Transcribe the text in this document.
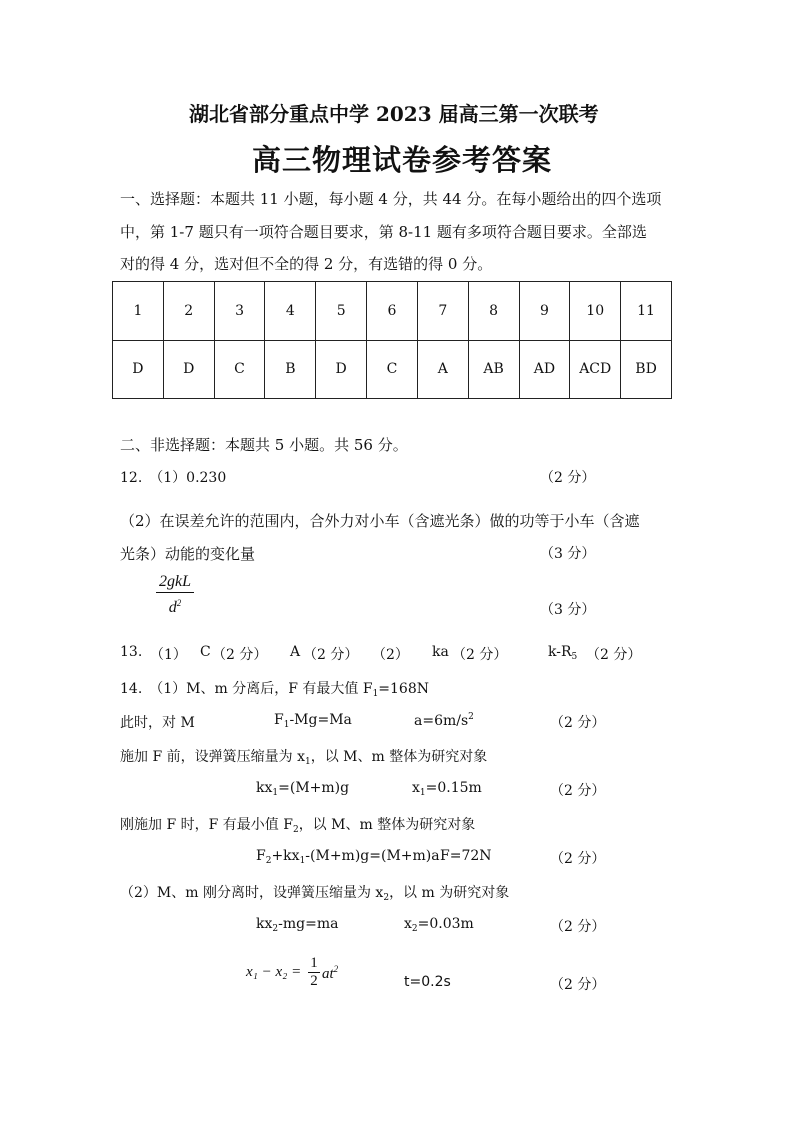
湖北省部分重点中学 2023 届高三第一次联考
高三物理试卷参考答案
一、选择题：本题共 11 小题，每小题 4 分，共 44 分。在每小题给出的四个选项
中，第 1-7 题只有一项符合题目要求，第 8-11 题有多项符合题目要求。全部选
对的得 4 分，选对但不全的得 2 分，有选错的得 0 分。
1	2	3	4	5	6	7	8	9	10	11
D	D	C	B	D	C	A	AB	AD	ACD	BD
二、非选择题：本题共 5 小题。共 56 分。
12.　（1）0.230	（2 分）
（2）在误差允许的范围内，合外力对小车（含遮光条）做的功等于小车（含遮
光条）动能的变化量	（3 分）
2gkL
$d^2$	（3 分）
13. （1） C （2 分） A （2 分） （2） ka （2 分）	$k-R_5$ （2 分）
14.　（1）M、m 分离后，F 有最大值 $F_1=168N$
此时，对 M	$F_1-Mg=Ma$	$a=6m/s^2$	（2 分）
施加 F 前，设弹簧压缩量为 $x_1$，以 M、m 整体为研究对象
$kx_1=(M+m)g$	$x_1=0.15m$	（2 分）
刚施加 F 时，F 有最小值 $F_2$，以 M、m 整体为研究对象
$F_2+kx_1-(M+m)g=(M+m)a$ F=72N	（2 分）
（2）M、m 刚分离时，设弹簧压缩量为 $x_2$，以 m 为研究对象
$kx_2-mg=ma$	$x_2=0.03m$	（2 分）
$x_1 - x_2 = \frac{1}{2} at^2$
t=0.2s	（2 分）
